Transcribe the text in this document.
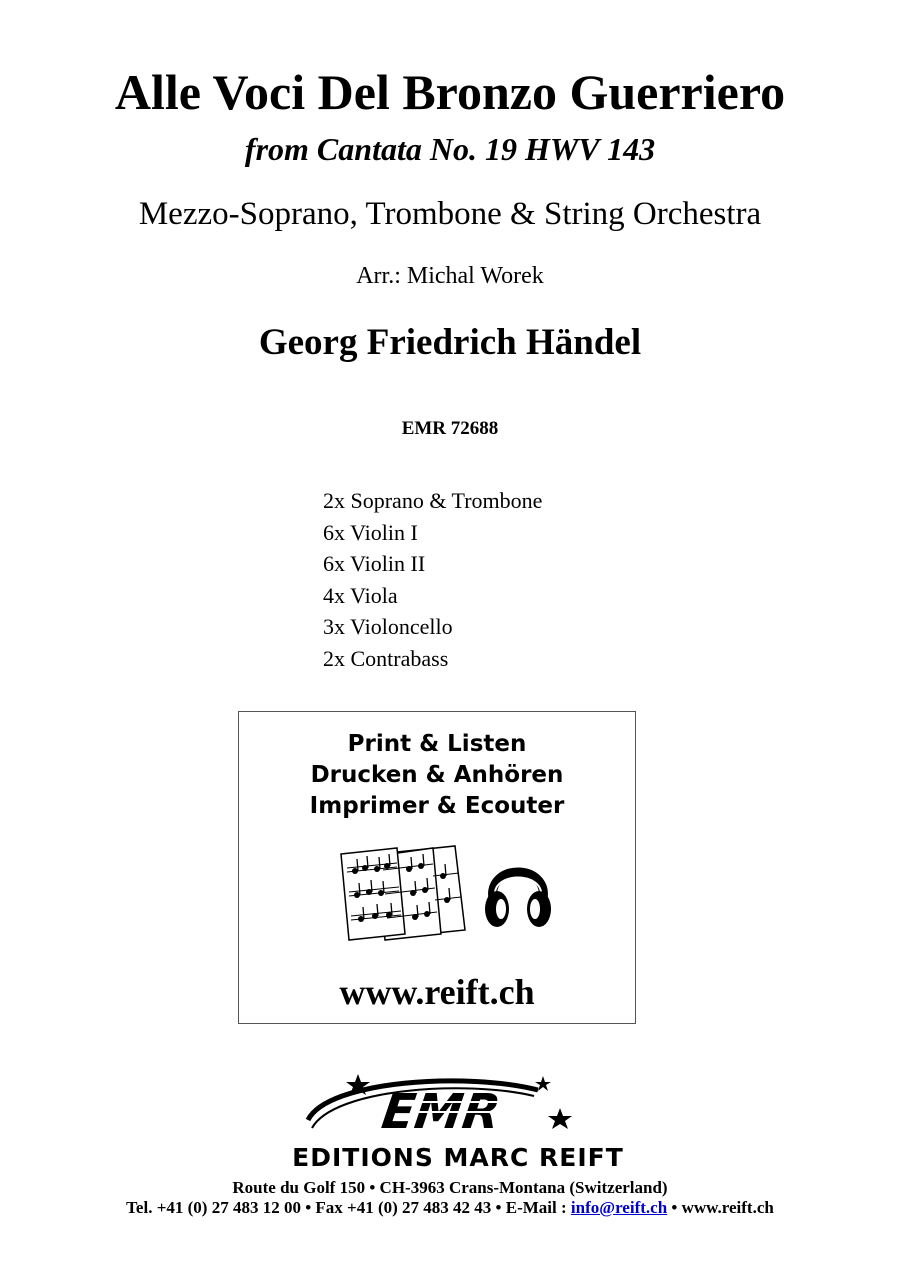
Alle Voci Del Bronzo Guerriero
from Cantata No. 19 HWV 143
Mezzo-Soprano, Trombone & String Orchestra
Arr.: Michal Worek
Georg Friedrich Händel
EMR 72688
2x Soprano & Trombone
6x Violin I
6x Violin II
4x Viola
3x Violoncello
2x Contrabass
Print & Listen
Drucken & Anhören
Imprimer & Ecouter
www.reift.ch
EMR
EDITIONS MARC REIFT
Route du Golf 150 • CH-3963 Crans-Montana (Switzerland)
Tel. +41 (0) 27 483 12 00 • Fax +41 (0) 27 483 42 43 • E-Mail : info@reift.ch • www.reift.ch
